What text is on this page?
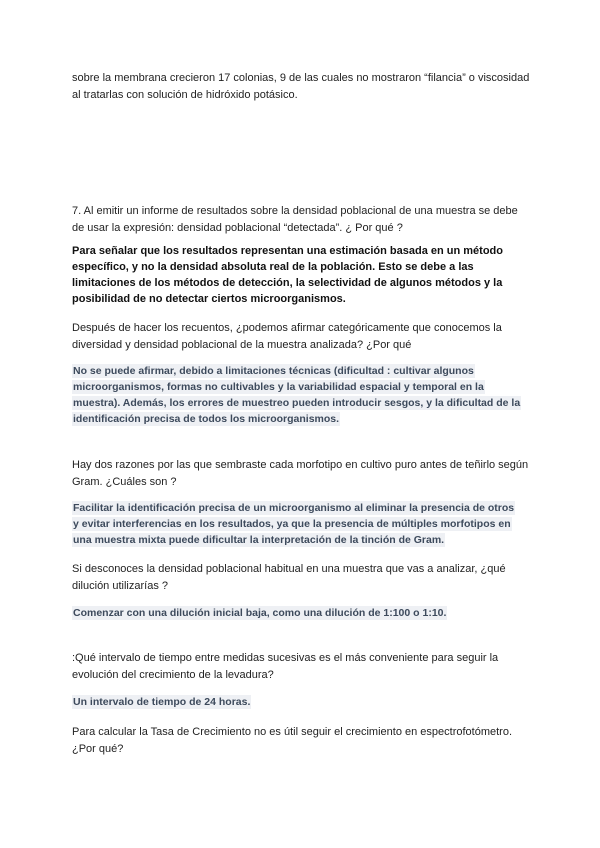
sobre la membrana crecieron 17 colonias, 9 de las cuales no mostraron “filancia” o viscosidad al tratarlas con solución de hidróxido potásico.

7. Al emitir un informe de resultados sobre la densidad poblacional de una muestra se debe de usar la expresión: densidad poblacional “detectada”. ¿ Por qué ?

Para señalar que los resultados representan una estimación basada en un método específico, y no la densidad absoluta real de la población. Esto se debe a las limitaciones de los métodos de detección, la selectividad de algunos métodos y la posibilidad de no detectar ciertos microorganismos.

Después de hacer los recuentos, ¿podemos afirmar categóricamente que conocemos la diversidad y densidad poblacional de la muestra analizada? ¿Por qué

No se puede afirmar, debido a limitaciones técnicas (dificultad : cultivar algunos microorganismos, formas no cultivables y la variabilidad espacial y temporal en la muestra). Además, los errores de muestreo pueden introducir sesgos, y la dificultad de la identificación precisa de todos los microorganismos.

Hay dos razones por las que sembraste cada morfotipo en cultivo puro antes de teñirlo según Gram. ¿Cuáles son ?

Facilitar la identificación precisa de un microorganismo al eliminar la presencia de otros y evitar interferencias en los resultados, ya que la presencia de múltiples morfotipos en una muestra mixta puede dificultar la interpretación de la tinción de Gram.

Si desconoces la densidad poblacional habitual en una muestra que vas a analizar, ¿qué dilución utilizarías ?

Comenzar con una dilución inicial baja, como una dilución de 1:100 o 1:10.

:Qué intervalo de tiempo entre medidas sucesivas es el más conveniente para seguir la evolución del crecimiento de la levadura?

Un intervalo de tiempo de 24 horas.

Para calcular la Tasa de Crecimiento no es útil seguir el crecimiento en espectrofotómetro. ¿Por qué?
